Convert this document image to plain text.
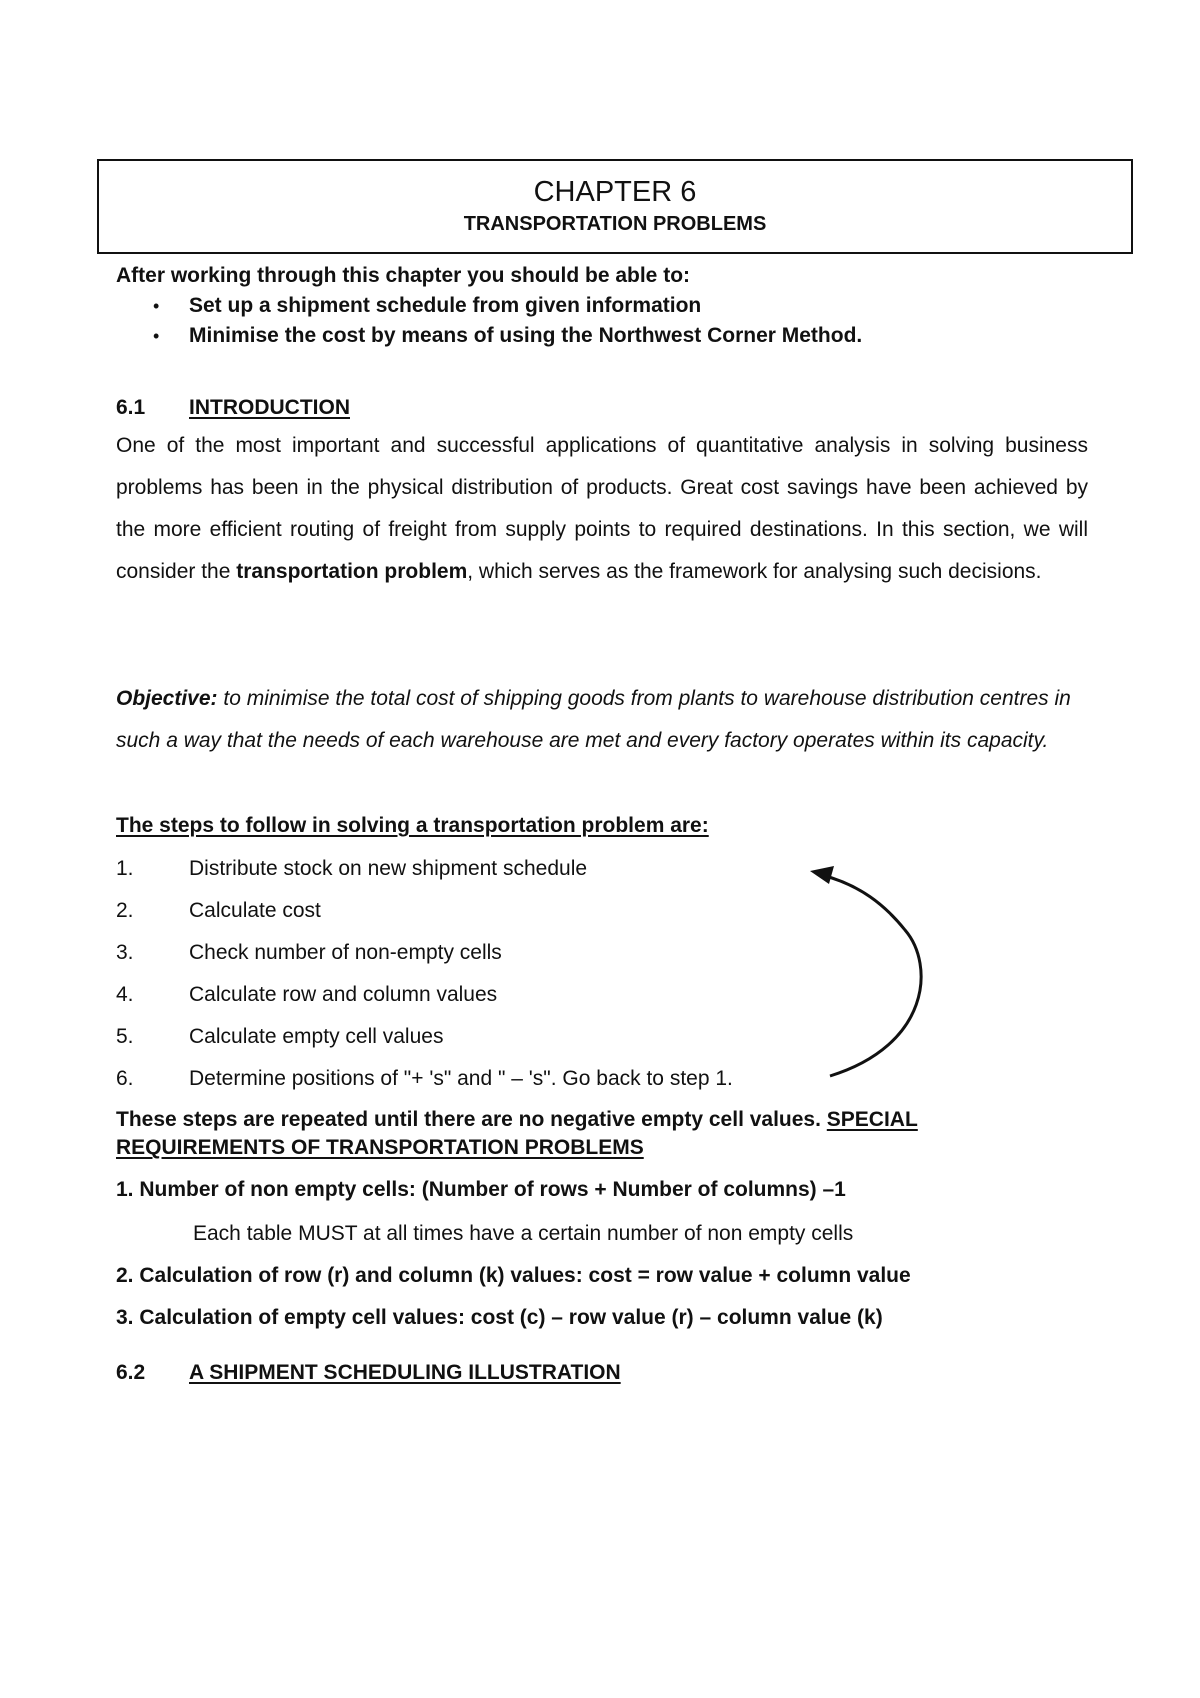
CHAPTER 6
TRANSPORTATION PROBLEMS
After working through this chapter you should be able to:
• Set up a shipment schedule from given information
• Minimise the cost by means of using the Northwest Corner Method.
6.1 INTRODUCTION

One of the most important and successful applications of quantitative analysis in solving business problems has been in the physical distribution of products. Great cost savings have been achieved by the more efficient routing of freight from supply points to required destinations. In this section, we will consider the transportation problem, which serves as the framework for analysing such decisions.

Objective: to minimise the total cost of shipping goods from plants to warehouse distribution centres in such a way that the needs of each warehouse are met and every factory operates within its capacity.

The steps to follow in solving a transportation problem are:
1.	Distribute stock on new shipment schedule
2.	Calculate cost
3.	Check number of non-empty cells
4.	Calculate row and column values
5.	Calculate empty cell values
6.	Determine positions of "+ 's" and " – 's". Go back to step 1.
These steps are repeated until there are no negative empty cell values. SPECIAL
REQUIREMENTS OF TRANSPORTATION PROBLEMS
1. Number of non empty cells: (Number of rows + Number of columns) –1
Each table MUST at all times have a certain number of non empty cells
2. Calculation of row (r) and column (k) values: cost = row value + column value
3. Calculation of empty cell values: cost (c) – row value (r) – column value (k)
6.2 A SHIPMENT SCHEDULING ILLUSTRATION
